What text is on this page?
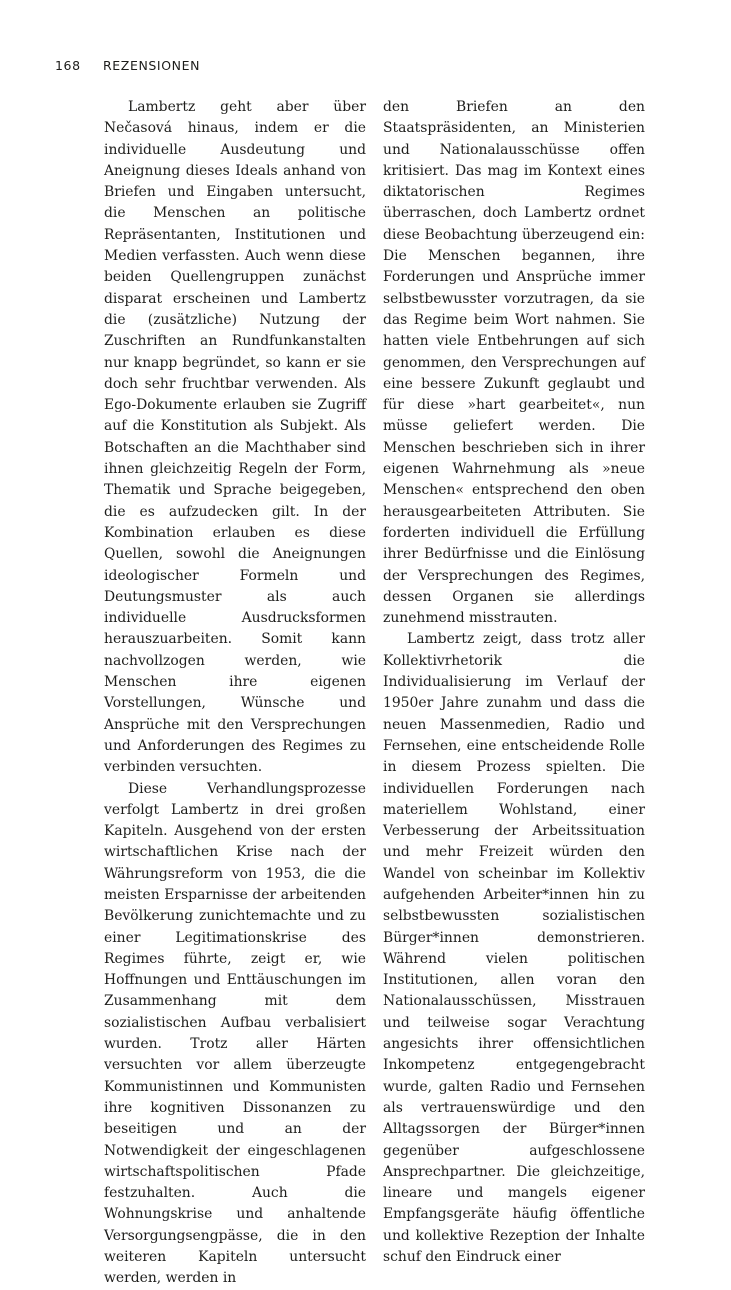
168 REZENSIONEN

Lambertz geht aber über Nečasová hinaus, indem er die individuelle Ausdeutung und Aneignung dieses Ideals anhand von Briefen und Eingaben untersucht, die Menschen an politische Repräsentanten, Institutionen und Medien verfassten. Auch wenn diese beiden Quellengruppen zunächst disparat erscheinen und Lambertz die (zusätzliche) Nutzung der Zuschriften an Rundfunkanstalten nur knapp begründet, so kann er sie doch sehr fruchtbar verwenden. Als Ego-Dokumente erlauben sie Zugriff auf die Konstitution als Subjekt. Als Botschaften an die Machthaber sind ihnen gleichzeitig Regeln der Form, Thematik und Sprache beigegeben, die es aufzudecken gilt. In der Kombination erlauben es diese Quellen, sowohl die Aneignungen ideologischer Formeln und Deutungsmuster als auch individuelle Ausdrucksformen herauszuarbeiten. Somit kann nachvollzogen werden, wie Menschen ihre eigenen Vorstellungen, Wünsche und Ansprüche mit den Versprechungen und Anforderungen des Regimes zu verbinden versuchten.

Diese Verhandlungsprozesse verfolgt Lambertz in drei großen Kapiteln. Ausgehend von der ersten wirtschaftlichen Krise nach der Währungsreform von 1953, die die meisten Ersparnisse der arbeitenden Bevölkerung zunichtemachte und zu einer Legitimationskrise des Regimes führte, zeigt er, wie Hoffnungen und Enttäuschungen im Zusammenhang mit dem sozialistischen Aufbau verbalisiert wurden. Trotz aller Härten versuchten vor allem überzeugte Kommunistinnen und Kommunisten ihre kognitiven Dissonanzen zu beseitigen und an der Notwendigkeit der eingeschlagenen wirtschaftspolitischen Pfade festzuhalten. Auch die Wohnungskrise und anhaltende Versorgungsengpässe, die in den weiteren Kapiteln untersucht werden, werden in

den Briefen an den Staatspräsidenten, an Ministerien und Nationalausschüsse offen kritisiert. Das mag im Kontext eines diktatorischen Regimes überraschen, doch Lambertz ordnet diese Beobachtung überzeugend ein: Die Menschen begannen, ihre Forderungen und Ansprüche immer selbstbewusster vorzutragen, da sie das Regime beim Wort nahmen. Sie hatten viele Entbehrungen auf sich genommen, den Versprechungen auf eine bessere Zukunft geglaubt und für diese »hart gearbeitet«, nun müsse geliefert werden. Die Menschen beschrieben sich in ihrer eigenen Wahrnehmung als »neue Menschen« entsprechend den oben herausgearbeiteten Attributen. Sie forderten individuell die Erfüllung ihrer Bedürfnisse und die Einlösung der Versprechungen des Regimes, dessen Organen sie allerdings zunehmend misstrauten.

Lambertz zeigt, dass trotz aller Kollektivrhetorik die Individualisierung im Verlauf der 1950er Jahre zunahm und dass die neuen Massenmedien, Radio und Fernsehen, eine entscheidende Rolle in diesem Prozess spielten. Die individuellen Forderungen nach materiellem Wohlstand, einer Verbesserung der Arbeitssituation und mehr Freizeit würden den Wandel von scheinbar im Kollektiv aufgehenden Arbeiter*innen hin zu selbstbewussten sozialistischen Bürger*innen demonstrieren. Während vielen politischen Institutionen, allen voran den Nationalausschüssen, Misstrauen und teilweise sogar Verachtung angesichts ihrer offensichtlichen Inkompetenz entgegengebracht wurde, galten Radio und Fernsehen als vertrauenswürdige und den Alltagssorgen der Bürger*innen gegenüber aufgeschlossene Ansprechpartner. Die gleichzeitige, lineare und mangels eigener Empfangsgeräte häufig öffentliche und kollektive Rezeption der Inhalte schuf den Eindruck einer
